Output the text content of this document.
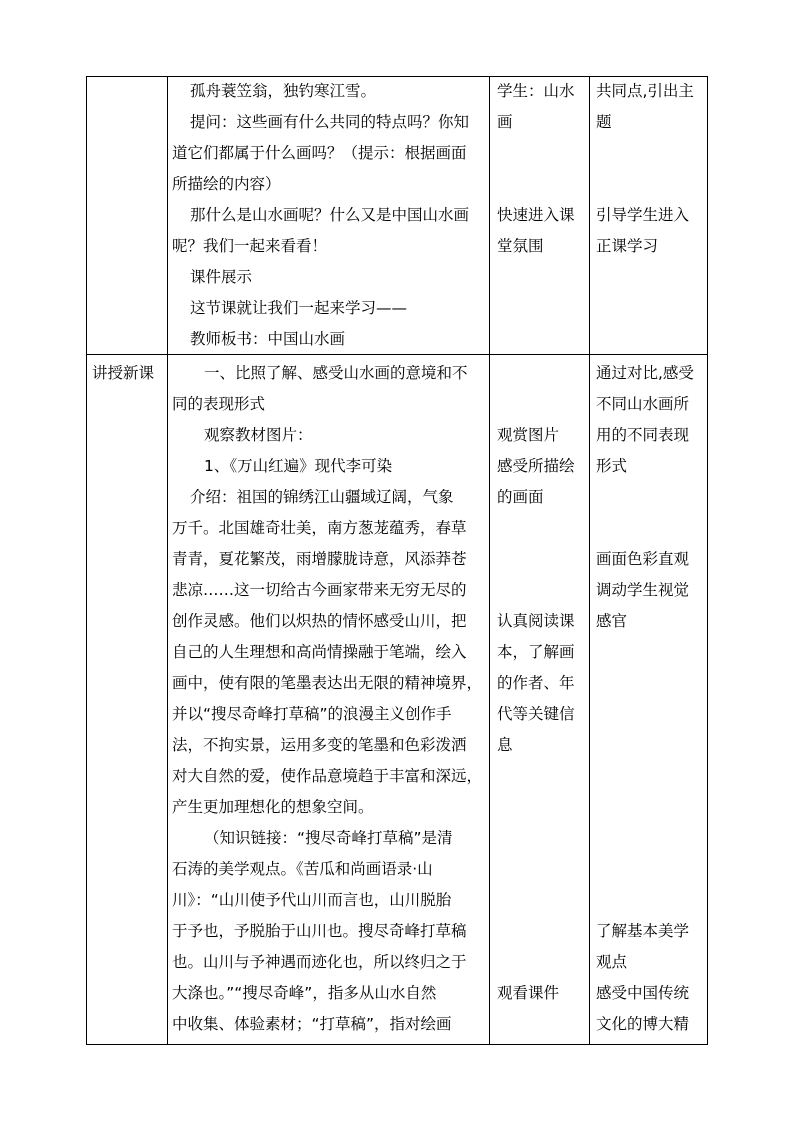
孤舟蓑笠翁，独钓寒江雪。
提问：这些画有什么共同的特点吗？你知
道它们都属于什么画吗？（提示：根据画面
所描绘的内容）
那什么是山水画呢？什么又是中国山水画
呢？我们一起来看看！
课件展示
这节课就让我们一起来学习——
教师板书：中国山水画
学生：山水
画
快速进入课
堂氛围
共同点,引出主
题
引导学生进入
正课学习
讲授新课	一、比照了解、感受山水画的意境和不
同的表现形式
观察教材图片：
1、《万山红遍》现代李可染
介绍：祖国的锦绣江山疆域辽阔，气象
万千。北国雄奇壮美，南方葱茏蕴秀，春草
青青，夏花繁茂，雨增朦胧诗意，风添莽苍
悲凉……这一切给古今画家带来无穷无尽的
创作灵感。他们以炽热的情怀感受山川，把
自己的人生理想和高尚情操融于笔端，绘入
画中，使有限的笔墨表达出无限的精神境界，
并以“搜尽奇峰打草稿”的浪漫主义创作手
法，不拘实景，运用多变的笔墨和色彩泼洒
对大自然的爱，使作品意境趋于丰富和深远，
产生更加理想化的想象空间。
（知识链接：“搜尽奇峰打草稿”是清
石涛的美学观点。《苦瓜和尚画语录·山
川》：“山川使予代山川而言也，山川脱胎
于予也，予脱胎于山川也。搜尽奇峰打草稿
也。山川与予神遇而迹化也，所以终归之于
大涤也。”“搜尽奇峰”，指多从山水自然
中收集、体验素材；“打草稿”，指对绘画
观赏图片
感受所描绘
的画面
认真阅读课
本，了解画
的作者、年
代等关键信
息
观看课件
通过对比,感受
不同山水画所
用的不同表现
形式
画面色彩直观
调动学生视觉
感官
了解基本美学
观点
感受中国传统
文化的博大精
